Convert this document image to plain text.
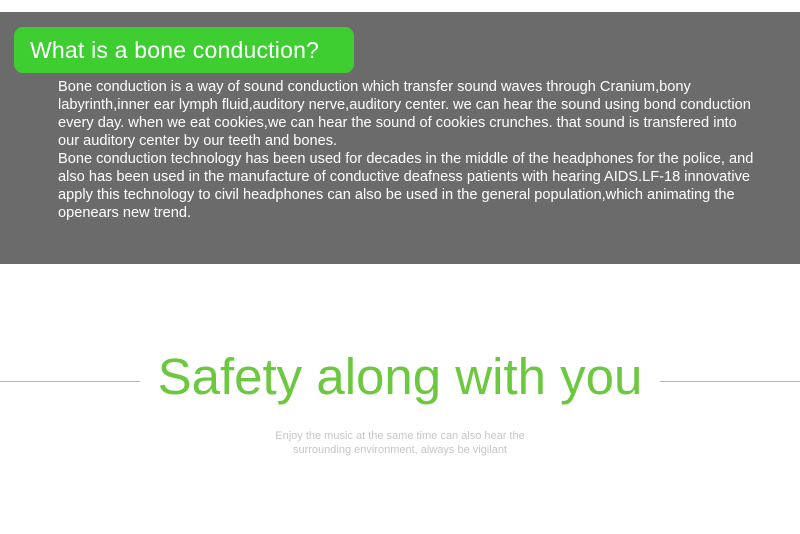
What is a bone conduction?

Bone conduction is a way of sound conduction which transfer sound waves through Cranium,bony labyrinth,inner ear lymph fluid,auditory nerve,auditory center. we can hear the sound using bond conduction every day. when we eat cookies,we can hear the sound of cookies crunches. that sound is transfered into our auditory center by our teeth and bones.

Bone conduction technology has been used for decades in the middle of the headphones for the police, and also has been used in the manufacture of conductive deafness patients with hearing AIDS.LF-18 innovative apply this technology to civil headphones can also be used in the general population,which animating the openears new trend.

Safety along with you

Enjoy the music at the same time can also hear the

surrounding environment, always be vigilant
